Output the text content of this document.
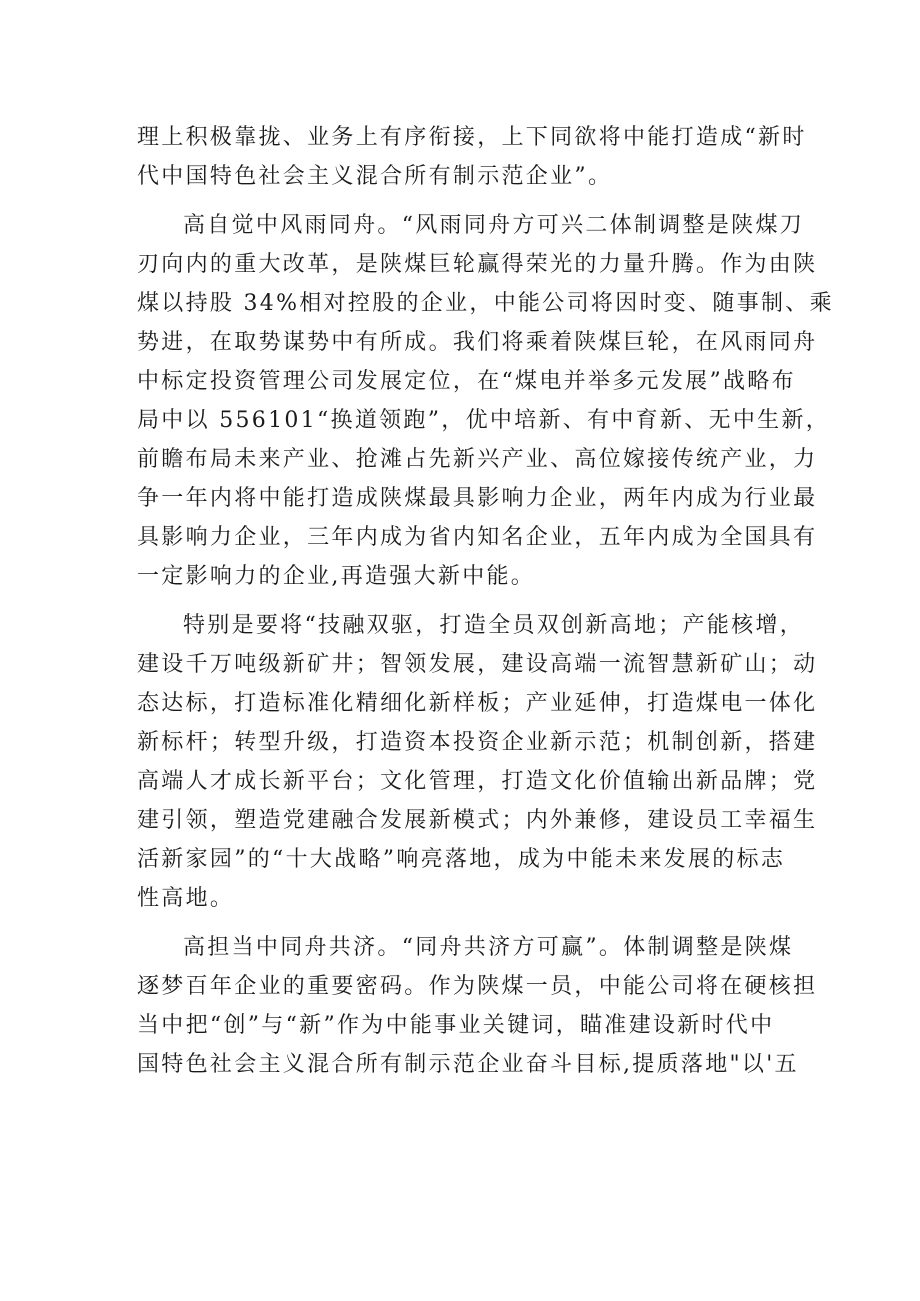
理上积极靠拢、业务上有序衔接，上下同欲将中能打造成“新时
代中国特色社会主义混合所有制示范企业”。
高自觉中风雨同舟。“风雨同舟方可兴二体制调整是陕煤刀
刃向内的重大改革，是陕煤巨轮赢得荣光的力量升腾。作为由陕
煤以持股 34%相对控股的企业，中能公司将因时变、随事制、乘
势进，在取势谋势中有所成。我们将乘着陕煤巨轮，在风雨同舟
中标定投资管理公司发展定位，在“煤电并举多元发展”战略布
局中以 556101“换道领跑”，优中培新、有中育新、无中生新，
前瞻布局未来产业、抢滩占先新兴产业、高位嫁接传统产业，力
争一年内将中能打造成陕煤最具影响力企业，两年内成为行业最
具影响力企业，三年内成为省内知名企业，五年内成为全国具有
一定影响力的企业,再造强大新中能。
特别是要将“技融双驱，打造全员双创新高地；产能核增，
建设千万吨级新矿井；智领发展，建设高端一流智慧新矿山；动
态达标，打造标准化精细化新样板；产业延伸，打造煤电一体化
新标杆；转型升级，打造资本投资企业新示范；机制创新，搭建
高端人才成长新平台；文化管理，打造文化价值输出新品牌；党
建引领，塑造党建融合发展新模式；内外兼修，建设员工幸福生
活新家园”的“十大战略”响亮落地，成为中能未来发展的标志
性高地。
高担当中同舟共济。“同舟共济方可赢”。体制调整是陕煤
逐梦百年企业的重要密码。作为陕煤一员，中能公司将在硬核担
当中把“创”与“新”作为中能事业关键词，瞄准建设新时代中
国特色社会主义混合所有制示范企业奋斗目标,提质落地"以'五
